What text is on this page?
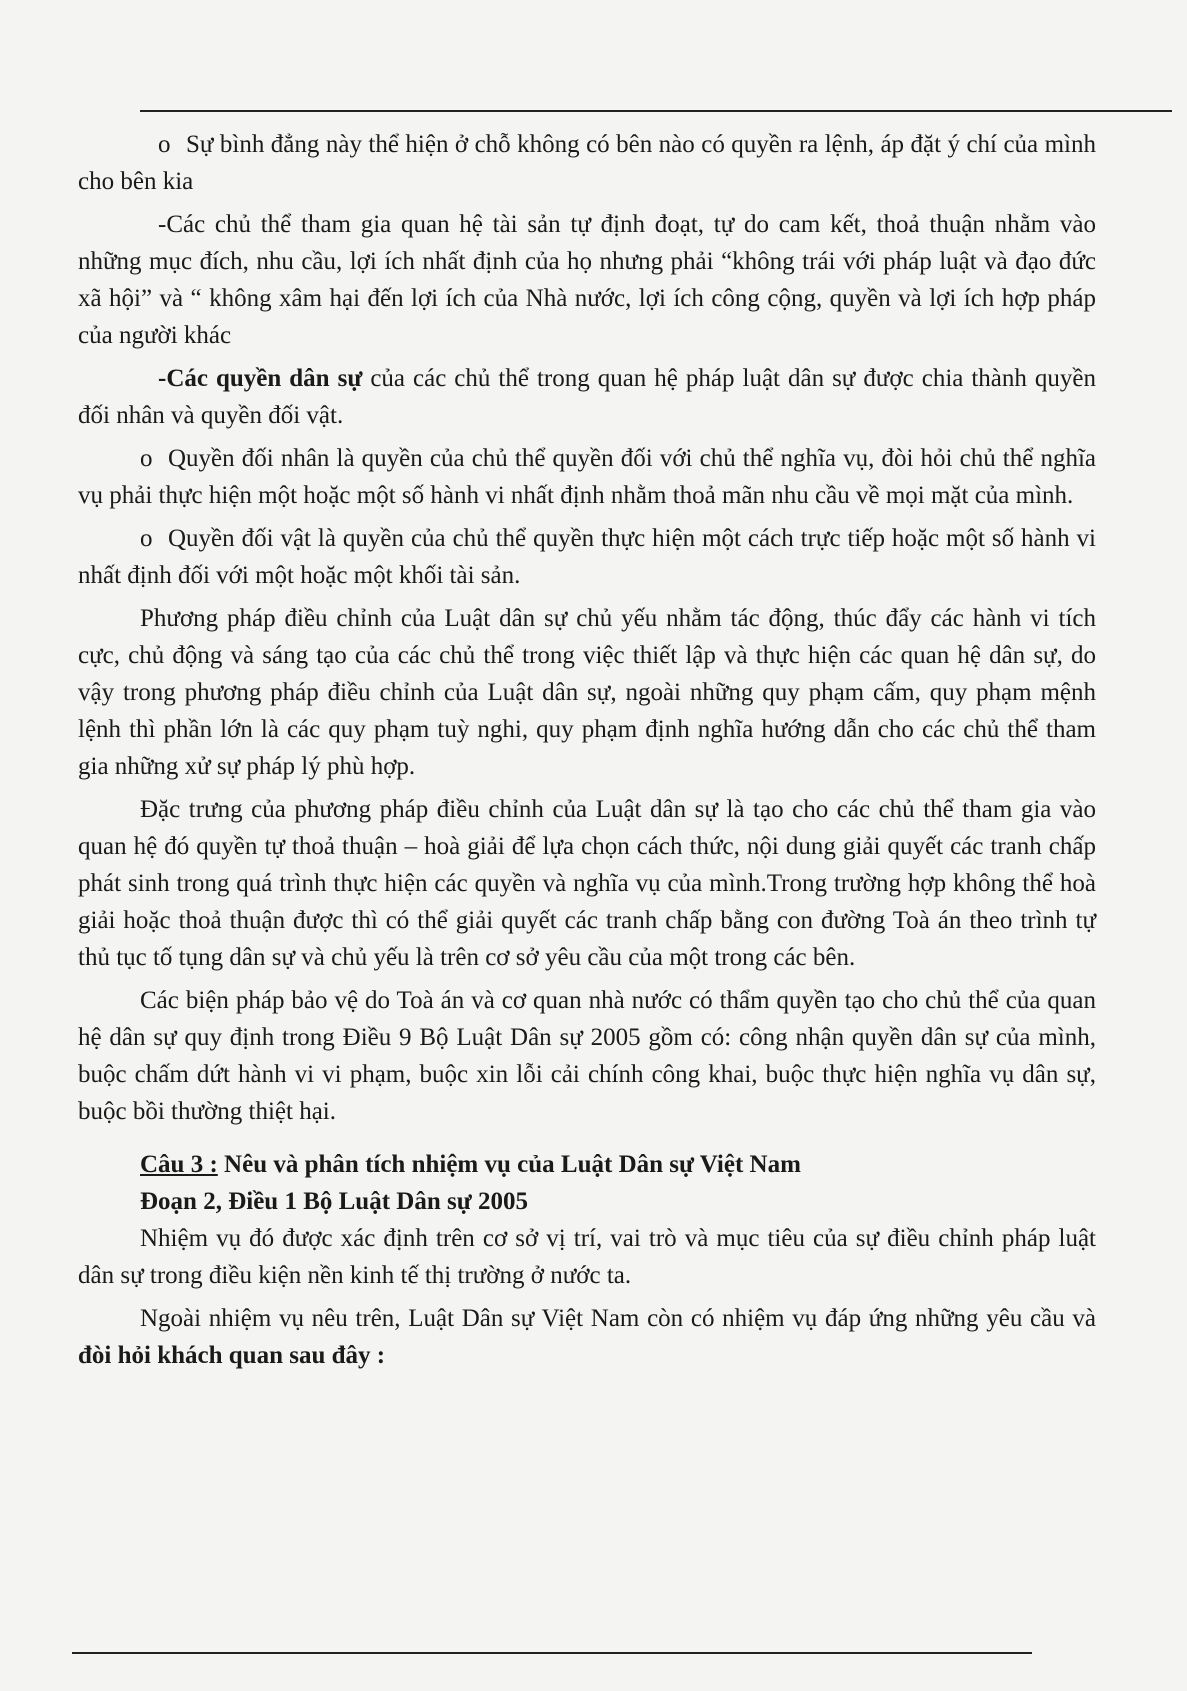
o Sự bình đẳng này thể hiện ở chỗ không có bên nào có quyền ra lệnh, áp đặt ý chí của mình cho bên kia

-Các chủ thể tham gia quan hệ tài sản tự định đoạt, tự do cam kết, thoả thuận nhằm vào những mục đích, nhu cầu, lợi ích nhất định của họ nhưng phải “không trái với pháp luật và đạo đức xã hội” và “ không xâm hại đến lợi ích của Nhà nước, lợi ích công cộng, quyền và lợi ích hợp pháp của người khác

-Các quyền dân sự của các chủ thể trong quan hệ pháp luật dân sự được chia thành quyền đối nhân và quyền đối vật.

o Quyền đối nhân là quyền của chủ thể quyền đối với chủ thể nghĩa vụ, đòi hỏi chủ thể nghĩa vụ phải thực hiện một hoặc một số hành vi nhất định nhằm thoả mãn nhu cầu về mọi mặt của mình.

o Quyền đối vật là quyền của chủ thể quyền thực hiện một cách trực tiếp hoặc một số hành vi nhất định đối với một hoặc một khối tài sản.

Phương pháp điều chỉnh của Luật dân sự chủ yếu nhằm tác động, thúc đẩy các hành vi tích cực, chủ động và sáng tạo của các chủ thể trong việc thiết lập và thực hiện các quan hệ dân sự, do vậy trong phương pháp điều chỉnh của Luật dân sự, ngoài những quy phạm cấm, quy phạm mệnh lệnh thì phần lớn là các quy phạm tuỳ nghi, quy phạm định nghĩa hướng dẫn cho các chủ thể tham gia những xử sự pháp lý phù hợp.

Đặc trưng của phương pháp điều chỉnh của Luật dân sự là tạo cho các chủ thể tham gia vào quan hệ đó quyền tự thoả thuận – hoà giải để lựa chọn cách thức, nội dung giải quyết các tranh chấp phát sinh trong quá trình thực hiện các quyền và nghĩa vụ của mình.Trong trường hợp không thể hoà giải hoặc thoả thuận được thì có thể giải quyết các tranh chấp bằng con đường Toà án theo trình tự thủ tục tố tụng dân sự và chủ yếu là trên cơ sở yêu cầu của một trong các bên.

Các biện pháp bảo vệ do Toà án và cơ quan nhà nước có thẩm quyền tạo cho chủ thể của quan hệ dân sự quy định trong Điều 9 Bộ Luật Dân sự 2005 gồm có: công nhận quyền dân sự của mình, buộc chấm dứt hành vi vi phạm, buộc xin lỗi cải chính công khai, buộc thực hiện nghĩa vụ dân sự, buộc bồi thường thiệt hại.

Câu 3 : Nêu và phân tích nhiệm vụ của Luật Dân sự Việt Nam

Đoạn 2, Điều 1 Bộ Luật Dân sự 2005

Nhiệm vụ đó được xác định trên cơ sở vị trí, vai trò và mục tiêu của sự điều chỉnh pháp luật dân sự trong điều kiện nền kinh tế thị trường ở nước ta.

Ngoài nhiệm vụ nêu trên, Luật Dân sự Việt Nam còn có nhiệm vụ đáp ứng những yêu cầu và đòi hỏi khách quan sau đây :
